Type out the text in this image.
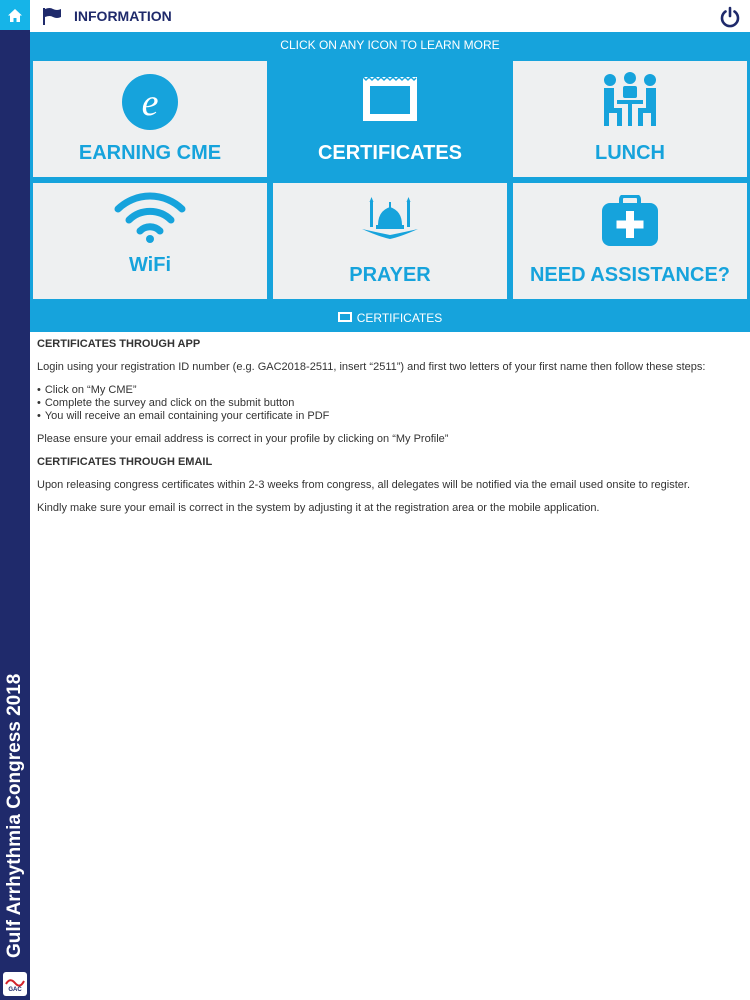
Gulf Arrhythmia Congress 2018
GAC
INFORMATION
CLICK ON ANY ICON TO LEARN MORE
e
EARNING CME	CERTIFICATES	LUNCH
WiFi	PRAYER	NEED ASSISTANCE?
CERTIFICATES
CERTIFICATES THROUGH APP

Login using your registration ID number (e.g. GAC2018-2511, insert “2511”) and first two letters of your first name then follow these steps:

• Click on “My CME”
• Complete the survey and click on the submit button
• You will receive an email containing your certificate in PDF

Please ensure your email address is correct in your profile by clicking on “My Profile”

CERTIFICATES THROUGH EMAIL

Upon releasing congress certificates within 2-3 weeks from congress, all delegates will be notified via the email used onsite to register.

Kindly make sure your email is correct in the system by adjusting it at the registration area or the mobile application.
